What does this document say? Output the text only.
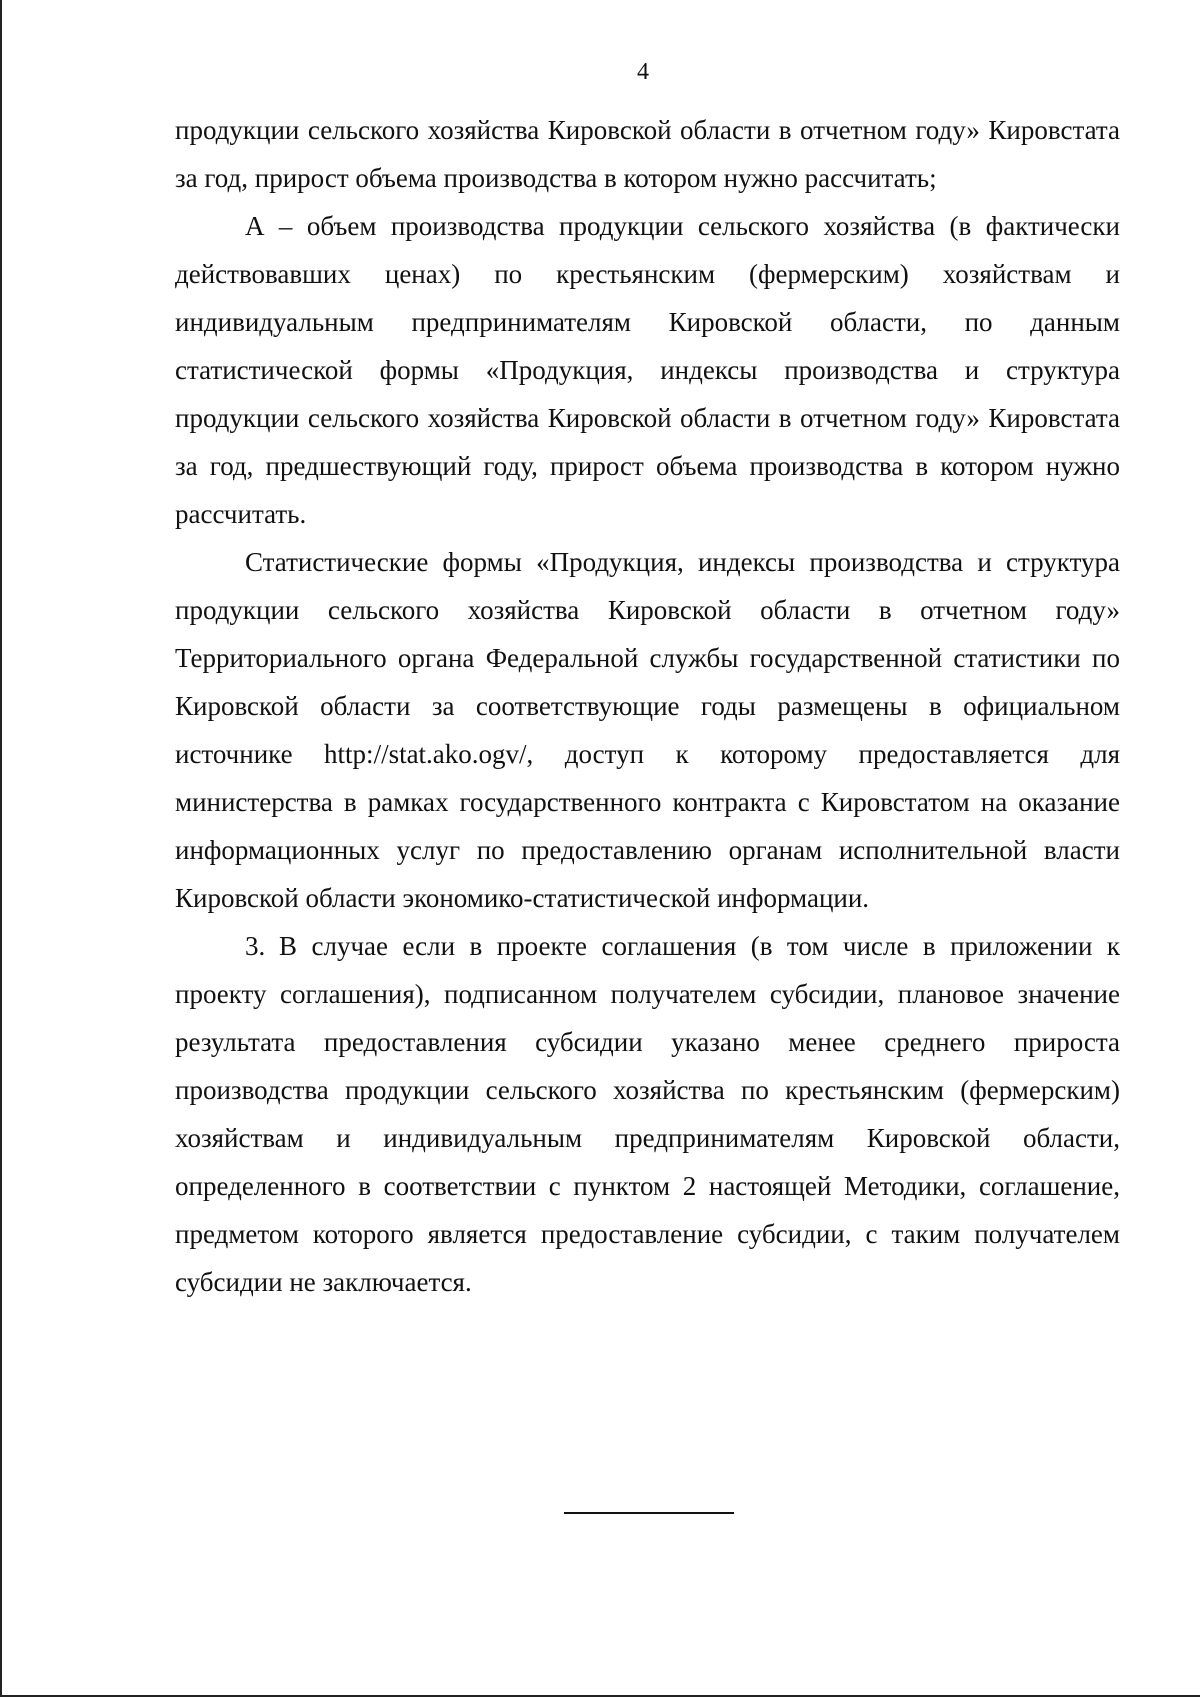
4

продукции сельского хозяйства Кировской области в отчетном году» Кировстата за год, прирост объема производства в котором нужно рассчитать;

А – объем производства продукции сельского хозяйства (в фактически действовавших ценах) по крестьянским (фермерским) хозяйствам и индивидуальным предпринимателям Кировской области, по данным статистической формы «Продукция, индексы производства и структура продукции сельского хозяйства Кировской области в отчетном году» Кировстата за год, предшествующий году, прирост объема производства в котором нужно рассчитать.

Статистические формы «Продукция, индексы производства и структура продукции сельского хозяйства Кировской области в отчетном году» Территориального органа Федеральной службы государственной статистики по Кировской области за соответствующие годы размещены в официальном источнике http://stat.ako.ogv/, доступ к которому предоставляется для министерства в рамках государственного контракта с Кировстатом на оказание информационных услуг по предоставлению органам исполнительной власти Кировской области экономико-статистической информации.

3. В случае если в проекте соглашения (в том числе в приложении к проекту соглашения), подписанном получателем субсидии, плановое значение результата предоставления субсидии указано менее среднего прироста производства продукции сельского хозяйства по крестьянским (фермерским) хозяйствам и индивидуальным предпринимателям Кировской области, определенного в соответствии с пунктом 2 настоящей Методики, соглашение, предметом которого является предоставление субсидии, с таким получателем субсидии не заключается.
